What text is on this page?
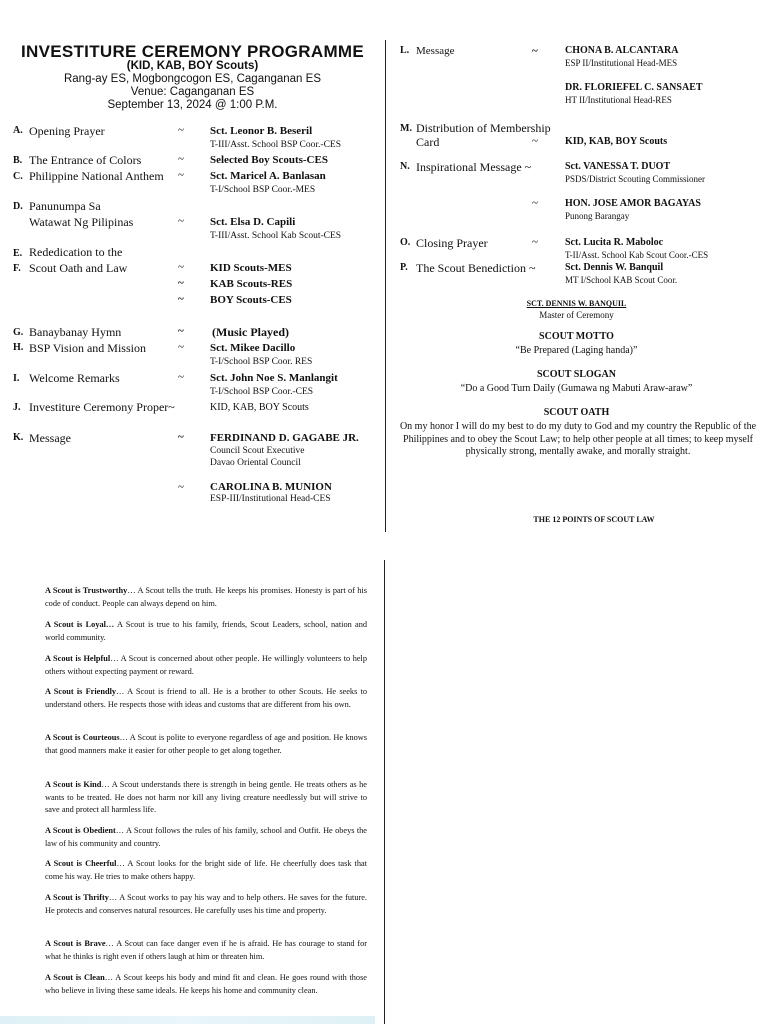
INVESTITURE CEREMONY PROGRAMME
(KID, KAB, BOY Scouts)
Rang-ay ES, Mogbongcogon ES, Caganganan ES
Venue: Caganganan ES
September 13, 2024 @ 1:00 P.M.
A. Opening Prayer	~ Sct. Leonor B. Beseril
T-III/Asst. School BSP Coor.-CES
B. The Entrance of Colors	~ Selected Boy Scouts-CES
C. Philippine National Anthem ~ Sct. Maricel A. Banlasan
T-I/School BSP Coor.-MES
D. Panunumpa Sa
Watawat Ng Pilipinas	~ Sct. Elsa D. Capili
T-III/Asst. School Kab Scout-CES
E. Rededication to the
F. Scout Oath and Law	~ KID Scouts-MES
~ KAB Scouts-RES
~ BOY Scouts-CES
G. Banaybanay Hymn	~ (Music Played)
H. BSP Vision and Mission	~ Sct. Mikee Dacillo
T-I/School BSP Coor. RES
I. Welcome Remarks	~ Sct. John Noe S. Manlangit
T-I/School BSP Coor.-CES
J. Investiture Ceremony Proper~	KID, KAB, BOY Scouts
K. Message	~ FERDINAND D. GAGABE JR.
Council Scout Executive
Davao Oriental Council
~ CAROLINA B. MUNION
ESP-III/Institutional Head-CES
L. Message	~	CHONA B. ALCANTARA
ESP II/Institutional Head-MES
DR. FLORIEFEL C. SANSAET
HT II/Institutional Head-RES
M. Distribution of Membership
Card	~	KID, KAB, BOY Scouts
N. Inspirational Message ~	Sct. VANESSA T. DUOT
PSDS/District Scouting Commissioner
~	HON. JOSE AMOR BAGAYAS
Punong Barangay
O. Closing Prayer	~	Sct. Lucita R. Maboloc
T-II/Asst. School Kab Scout Coor.-CES
P. The Scout Benediction ~	Sct. Dennis W. Banquil
MT I/School KAB Scout Coor.
SCT. DENNIS W. BANQUIL
Master of Ceremony
SCOUT MOTTO
“Be Prepared (Laging handa)”
SCOUT SLOGAN
“Do a Good Turn Daily (Gumawa ng Mabuti Araw-araw”
SCOUT OATH
On my honor I will do my best to do my duty to God and my country the Republic of the Philippines and to obey the Scout Law; to help other people at all times; to keep myself physically strong, mentally awake, and morally straight.
THE 12 POINTS OF SCOUT LAW
A Scout is Trustworthy… A Scout tells the truth. He keeps his promises. Honesty is part of his code of conduct. People can always depend on him.
A Scout is Loyal… A Scout is true to his family, friends, Scout Leaders, school, nation and world community.
A Scout is Helpful… A Scout is concerned about other people. He willingly volunteers to help others without expecting payment or reward.
A Scout is Friendly… A Scout is friend to all. He is a brother to other Scouts. He seeks to understand others. He respects those with ideas and customs that are different from his own.
A Scout is Courteous… A Scout is polite to everyone regardless of age and position. He knows that good manners make it easier for other people to get along together.
A Scout is Kind… A Scout understands there is strength in being gentle. He treats others as he wants to be treated. He does not harm nor kill any living creature needlessly but will strive to save and protect all harmless life.
A Scout is Obedient… A Scout follows the rules of his family, school and Outfit. He obeys the law of his community and country.
A Scout is Cheerful… A Scout looks for the bright side of life. He cheerfully does task that come his way. He tries to make others happy.
A Scout is Thrifty… A Scout works to pay his way and to help others. He saves for the future. He protects and conserves natural resources. He carefully uses his time and property.
A Scout is Brave… A Scout can face danger even if he is afraid. He has courage to stand for what he thinks is right even if others laugh at him or threaten him.
A Scout is Clean… A Scout keeps his body and mind fit and clean. He goes round with those who believe in living these same ideals. He keeps his home and community clean.
